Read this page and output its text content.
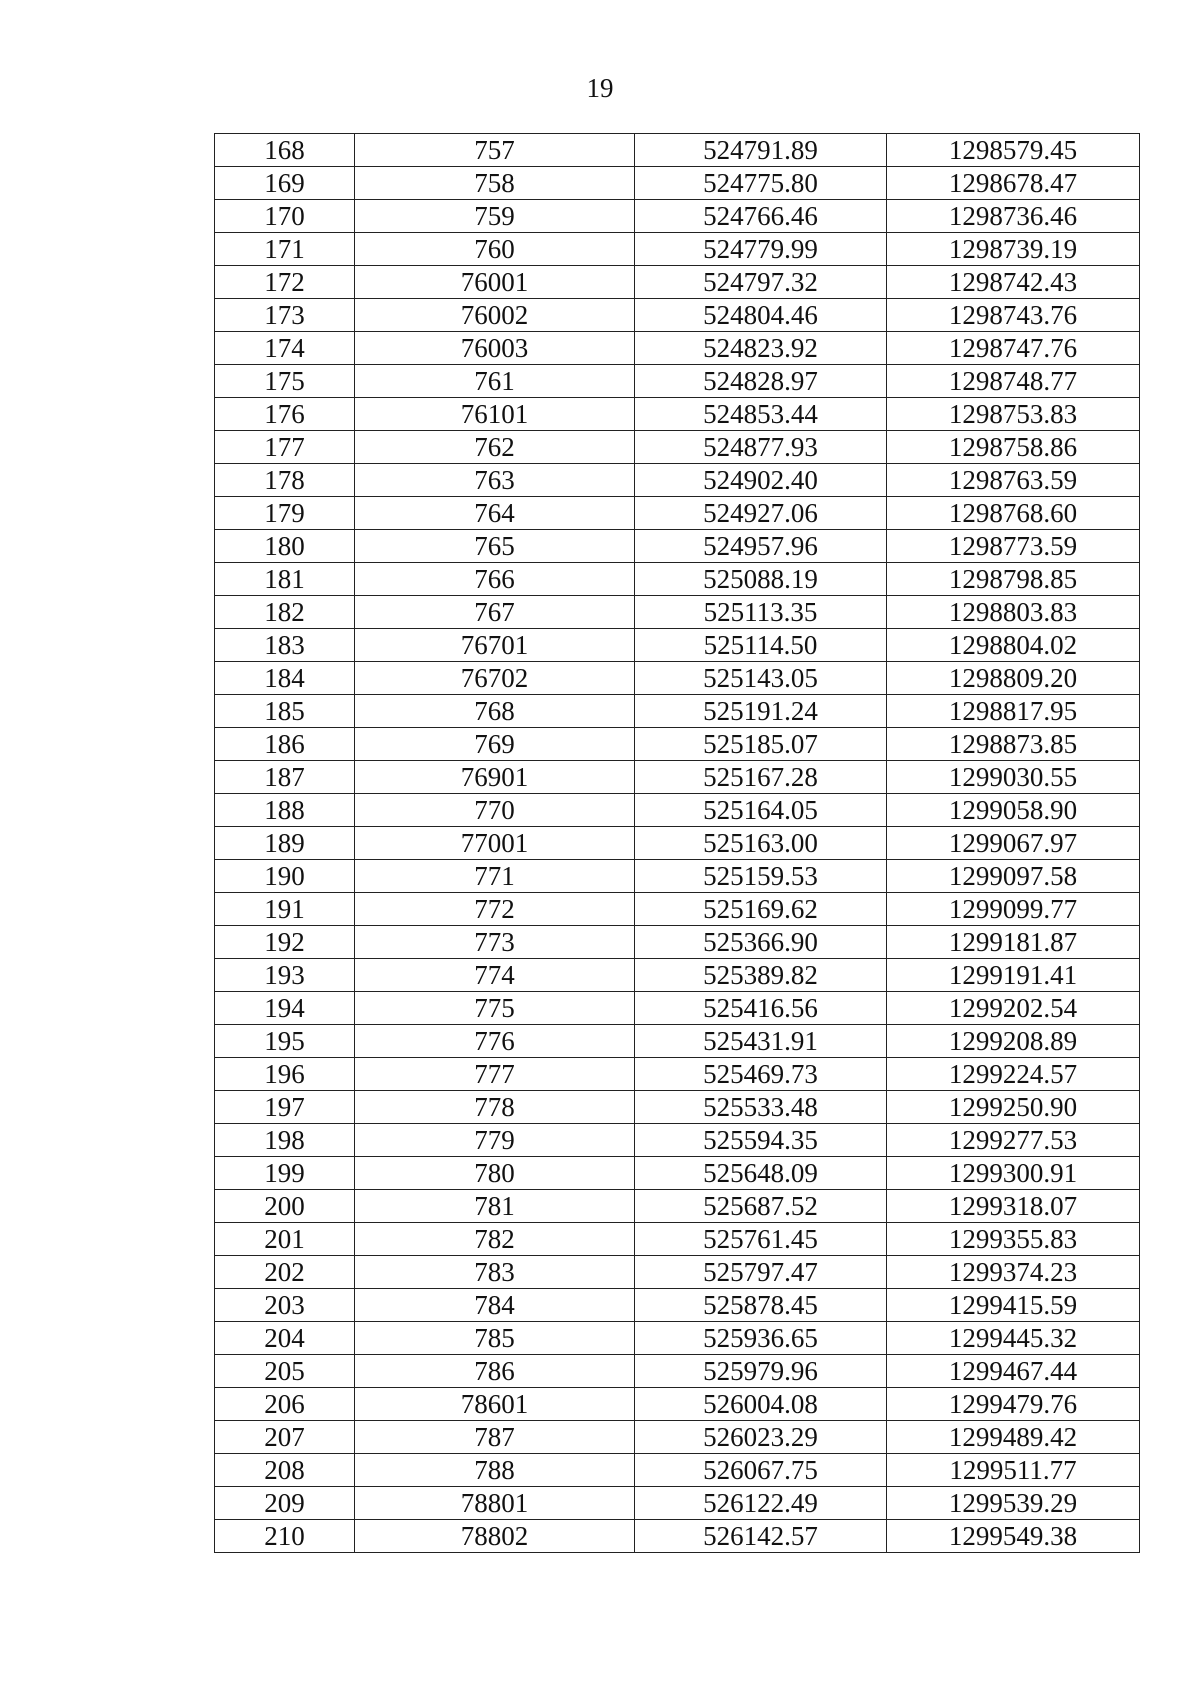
19
168	757	524791.89	1298579.45
169	758	524775.80	1298678.47
170	759	524766.46	1298736.46
171	760	524779.99	1298739.19
172	76001	524797.32	1298742.43
173	76002	524804.46	1298743.76
174	76003	524823.92	1298747.76
175	761	524828.97	1298748.77
176	76101	524853.44	1298753.83
177	762	524877.93	1298758.86
178	763	524902.40	1298763.59
179	764	524927.06	1298768.60
180	765	524957.96	1298773.59
181	766	525088.19	1298798.85
182	767	525113.35	1298803.83
183	76701	525114.50	1298804.02
184	76702	525143.05	1298809.20
185	768	525191.24	1298817.95
186	769	525185.07	1298873.85
187	76901	525167.28	1299030.55
188	770	525164.05	1299058.90
189	77001	525163.00	1299067.97
190	771	525159.53	1299097.58
191	772	525169.62	1299099.77
192	773	525366.90	1299181.87
193	774	525389.82	1299191.41
194	775	525416.56	1299202.54
195	776	525431.91	1299208.89
196	777	525469.73	1299224.57
197	778	525533.48	1299250.90
198	779	525594.35	1299277.53
199	780	525648.09	1299300.91
200	781	525687.52	1299318.07
201	782	525761.45	1299355.83
202	783	525797.47	1299374.23
203	784	525878.45	1299415.59
204	785	525936.65	1299445.32
205	786	525979.96	1299467.44
206	78601	526004.08	1299479.76
207	787	526023.29	1299489.42
208	788	526067.75	1299511.77
209	78801	526122.49	1299539.29
210	78802	526142.57	1299549.38
